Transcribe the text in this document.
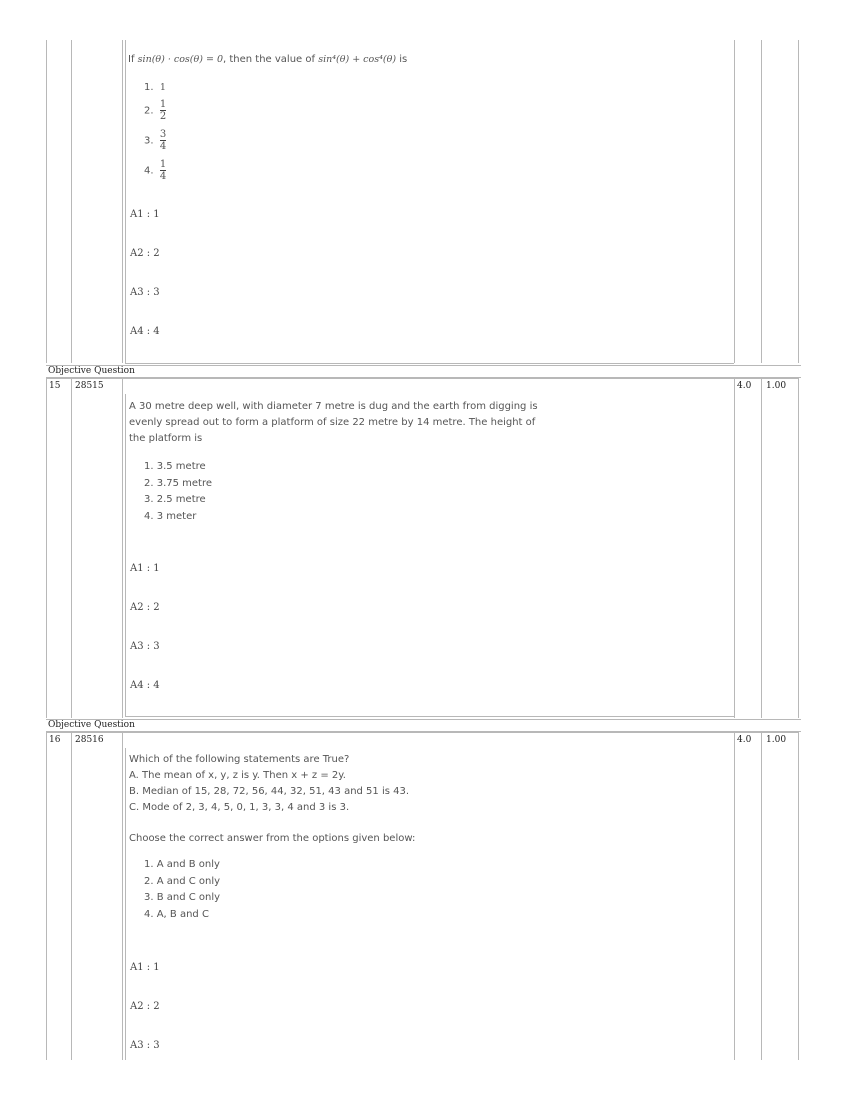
If sin(θ) · cos(θ) = 0, then the value of sin⁴(θ) + cos⁴(θ) is
1. 1
2. $\frac{1}{2}$
3. $\frac{3}{4}$
4. $\frac{1}{4}$
A1 : 1
A2 : 2
A3 : 3
A4 : 4
Objective Question
15 28515	4.0 1.00
A 30 metre deep well, with diameter 7 metre is dug and the earth from digging is
evenly spread out to form a platform of size 22 metre by 14 metre. The height of
the platform is
1. 3.5 metre
2. 3.75 metre
3. 2.5 metre
4. 3 meter
A1 : 1
A2 : 2
A3 : 3
A4 : 4
Objective Question
16 28516	4.0 1.00
Which of the following statements are True?
A. The mean of x, y, z is y. Then x + z = 2y.
B. Median of 15, 28, 72, 56, 44, 32, 51, 43 and 51 is 43.
C. Mode of 2, 3, 4, 5, 0, 1, 3, 3, 4 and 3 is 3.
Choose the correct answer from the options given below:
1. A and B only
2. A and C only
3. B and C only
4. A, B and C
A1 : 1
A2 : 2
A3 : 3
